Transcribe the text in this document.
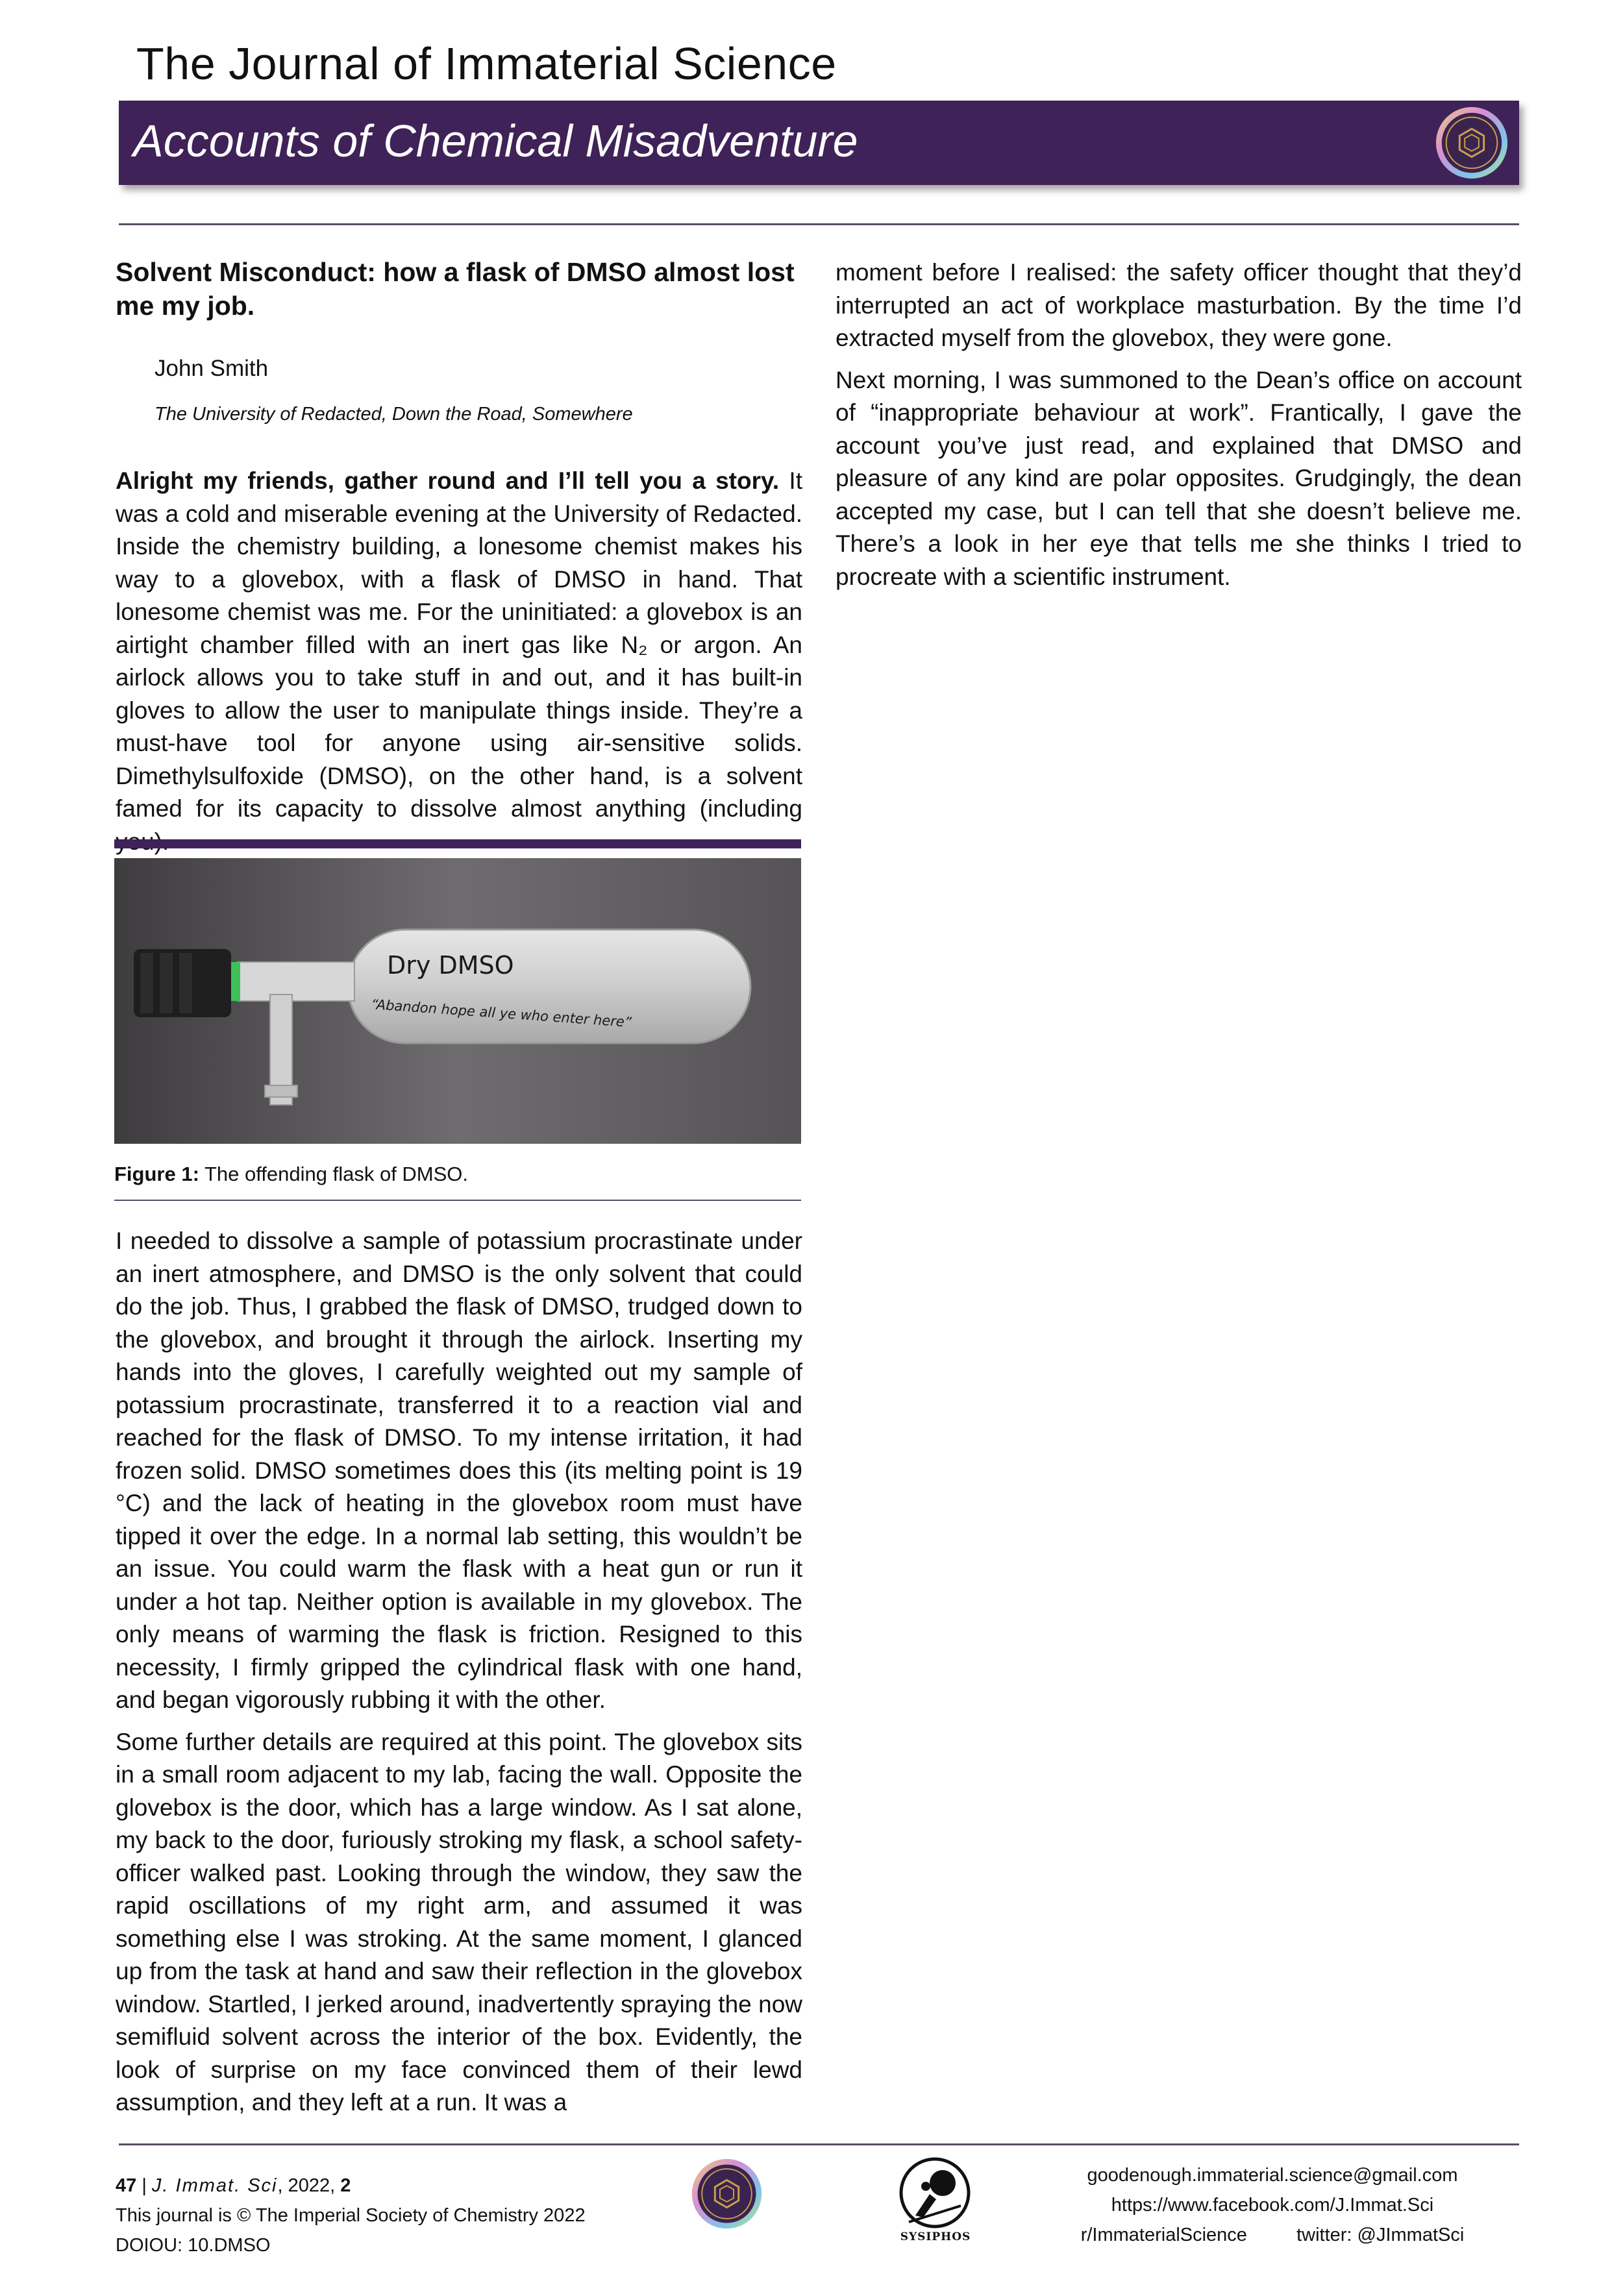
The Journal of Immaterial Science
Accounts of Chemical Misadventure
Solvent Misconduct: how a flask of DMSO almost lost me my job.
John Smith
The University of Redacted, Down the Road, Somewhere

Alright my friends, gather round and I’ll tell you a story. It was a cold and miserable evening at the University of Redacted. Inside the chemistry building, a lonesome chemist makes his way to a glovebox, with a flask of DMSO in hand. That lonesome chemist was me. For the uninitiated: a glovebox is an airtight chamber filled with an inert gas like N₂ or argon. An airlock allows you to take stuff in and out, and it has built-in gloves to allow the user to manipulate things inside. They’re a must-have tool for anyone using air-sensitive solids. Dimethylsulfoxide (DMSO), on the other hand, is a solvent famed for its capacity to dissolve almost anything (including

Dry DMSO
“Abandon hope all ye who enter here”
Figure 1: The offending flask of DMSO.

I needed to dissolve a sample of potassium procrastinate under an inert atmosphere, and DMSO is the only solvent that could do the job. Thus, I grabbed the flask of DMSO, trudged down to the glovebox, and brought it through the airlock. Inserting my hands into the gloves, I carefully weighted out my sample of potassium procrastinate, transferred it to a reaction vial and reached for the flask of DMSO. To my intense irritation, it had frozen solid. DMSO sometimes does this (its melting point is 19 °C) and the lack of heating in the glovebox room must have tipped it over the edge. In a normal lab setting, this wouldn’t be an issue. You could warm the flask with a heat gun or run it under a hot tap. Neither option is available in my glovebox. The only means of warming the flask is friction. Resigned to this necessity, I firmly gripped the cylindrical flask with one hand, and began vigorously rubbing it with the other.

Some further details are required at this point. The glovebox sits in a small room adjacent to my lab, facing the wall. Opposite the glovebox is the door, which has a large window. As I sat alone, my back to the door, furiously stroking my flask, a school safety-officer walked past. Looking through the window, they saw the rapid oscillations of my right arm, and assumed it was something else I was stroking. At the same moment, I glanced up from the task at hand and saw their reflection in the glovebox window. Startled, I jerked around, inadvertently spraying the now semifluid solvent across the interior of the box. Evidently, the look of surprise on my face convinced them of their lewd assumption, and they left at a run. It was a

moment before I realised: the safety officer thought that they’d interrupted an act of workplace masturbation. By the time I’d extracted myself from the glovebox, they were gone.

Next morning, I was summoned to the Dean’s office on account of “inappropriate behaviour at work”. Frantically, I gave the account you’ve just read, and explained that DMSO and pleasure of any kind are polar opposites. Grudgingly, the dean accepted my case, but I can tell that she doesn’t believe me. There’s a look in her eye that tells me she thinks I tried to procreate with a scientific instrument.

47 | J. Immat. Sci, 2022, 2
This journal is © The Imperial Society of Chemistry 2022
DOIOU: 10.DMSO	SYSIPHOS
goodenough.immaterial.science@gmail.com
https://www.facebook.com/J.Immat.Sci
r/ImmaterialScience	twitter: @JImmatSci
